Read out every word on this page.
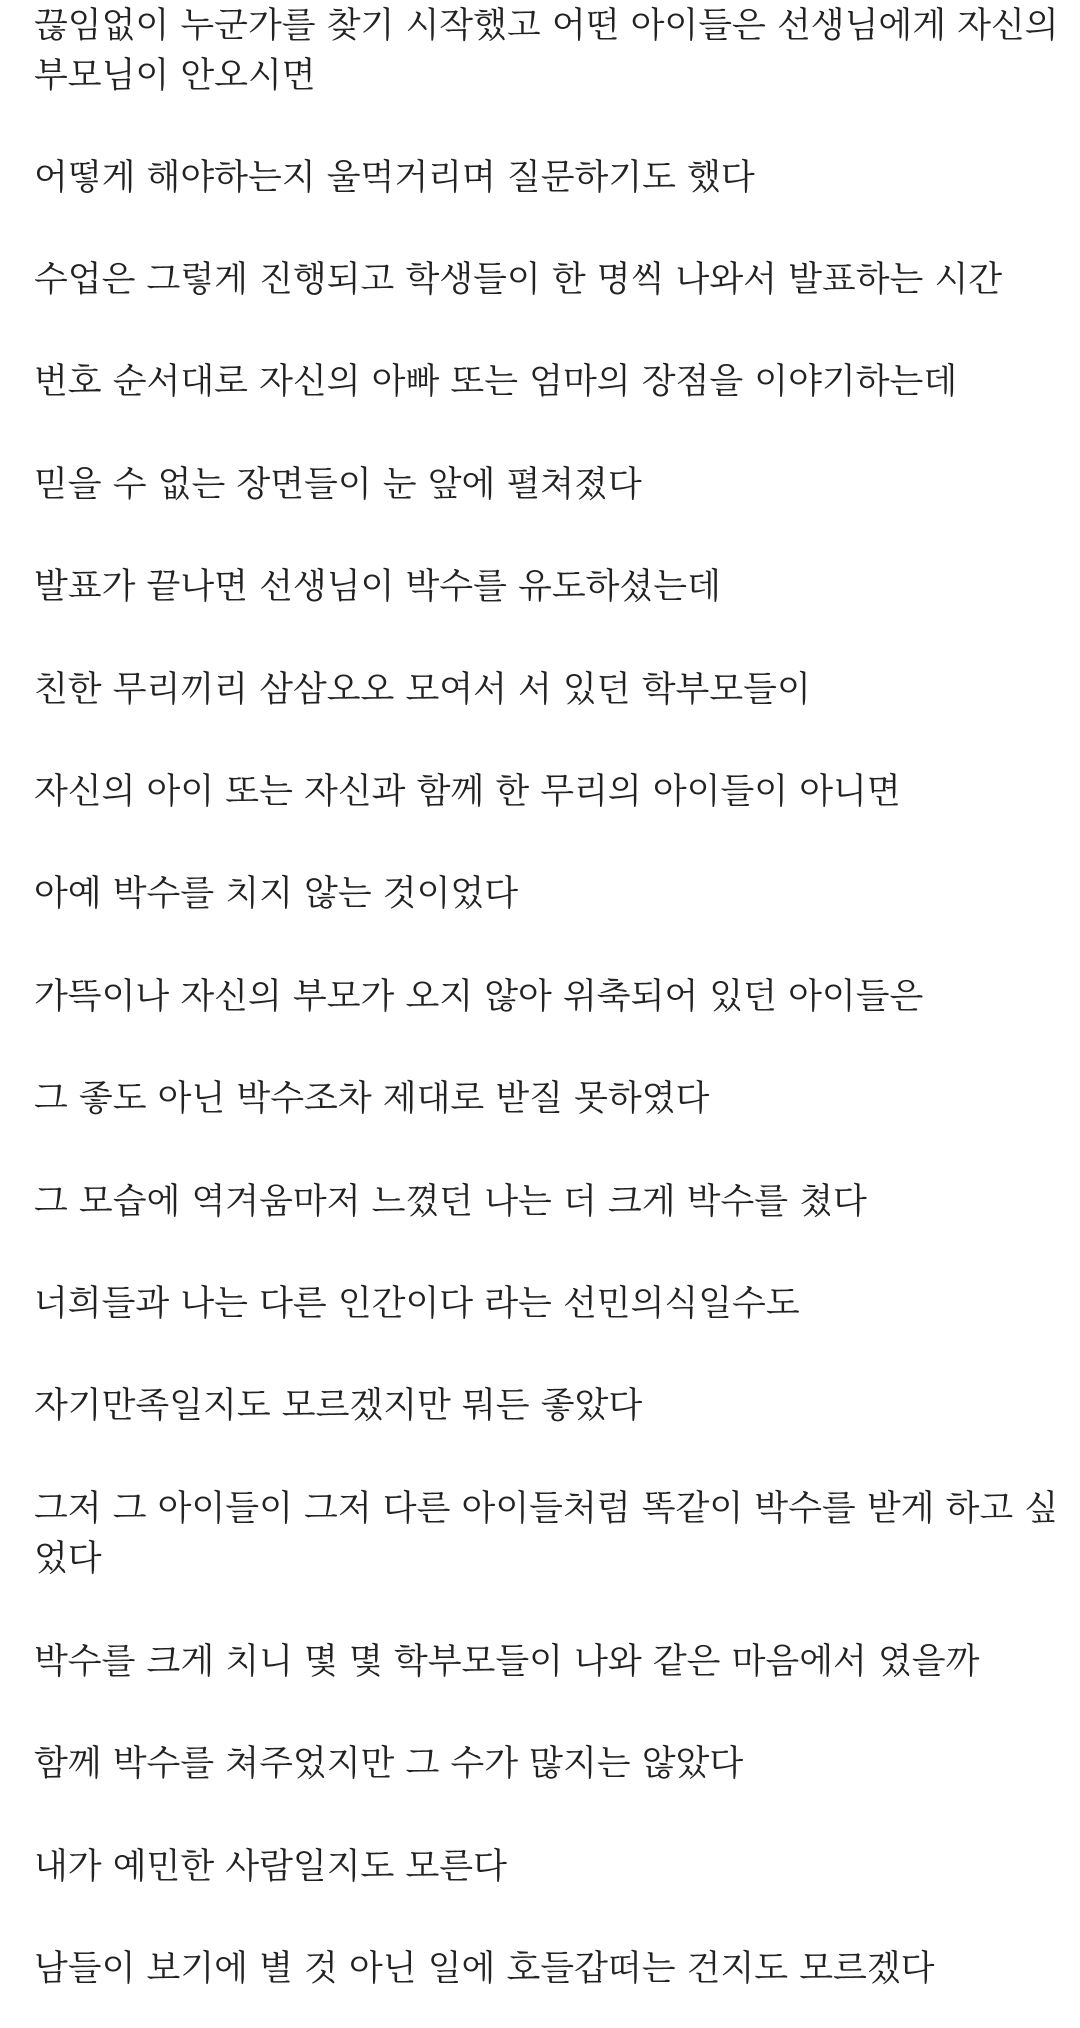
끊임없이 누군가를 찾기 시작했고 어떤 아이들은 선생님에게 자신의
부모님이 안오시면

어떻게 해야하는지 울먹거리며 질문하기도 했다

수업은 그렇게 진행되고 학생들이 한 명씩 나와서 발표하는 시간

번호 순서대로 자신의 아빠 또는 엄마의 장점을 이야기하는데

믿을 수 없는 장면들이 눈 앞에 펼쳐졌다

발표가 끝나면 선생님이 박수를 유도하셨는데

친한 무리끼리 삼삼오오 모여서 서 있던 학부모들이

자신의 아이 또는 자신과 함께 한 무리의 아이들이 아니면

아예 박수를 치지 않는 것이었다

가뜩이나 자신의 부모가 오지 않아 위축되어 있던 아이들은

그 좋도 아닌 박수조차 제대로 받질 못하였다

그 모습에 역겨움마저 느꼈던 나는 더 크게 박수를 쳤다

너희들과 나는 다른 인간이다 라는 선민의식일수도

자기만족일지도 모르겠지만 뭐든 좋았다

그저 그 아이들이 그저 다른 아이들처럼 똑같이 박수를 받게 하고 싶
었다

박수를 크게 치니 몇 몇 학부모들이 나와 같은 마음에서 였을까

함께 박수를 쳐주었지만 그 수가 많지는 않았다

내가 예민한 사람일지도 모른다

남들이 보기에 별 것 아닌 일에 호들갑떠는 건지도 모르겠다
